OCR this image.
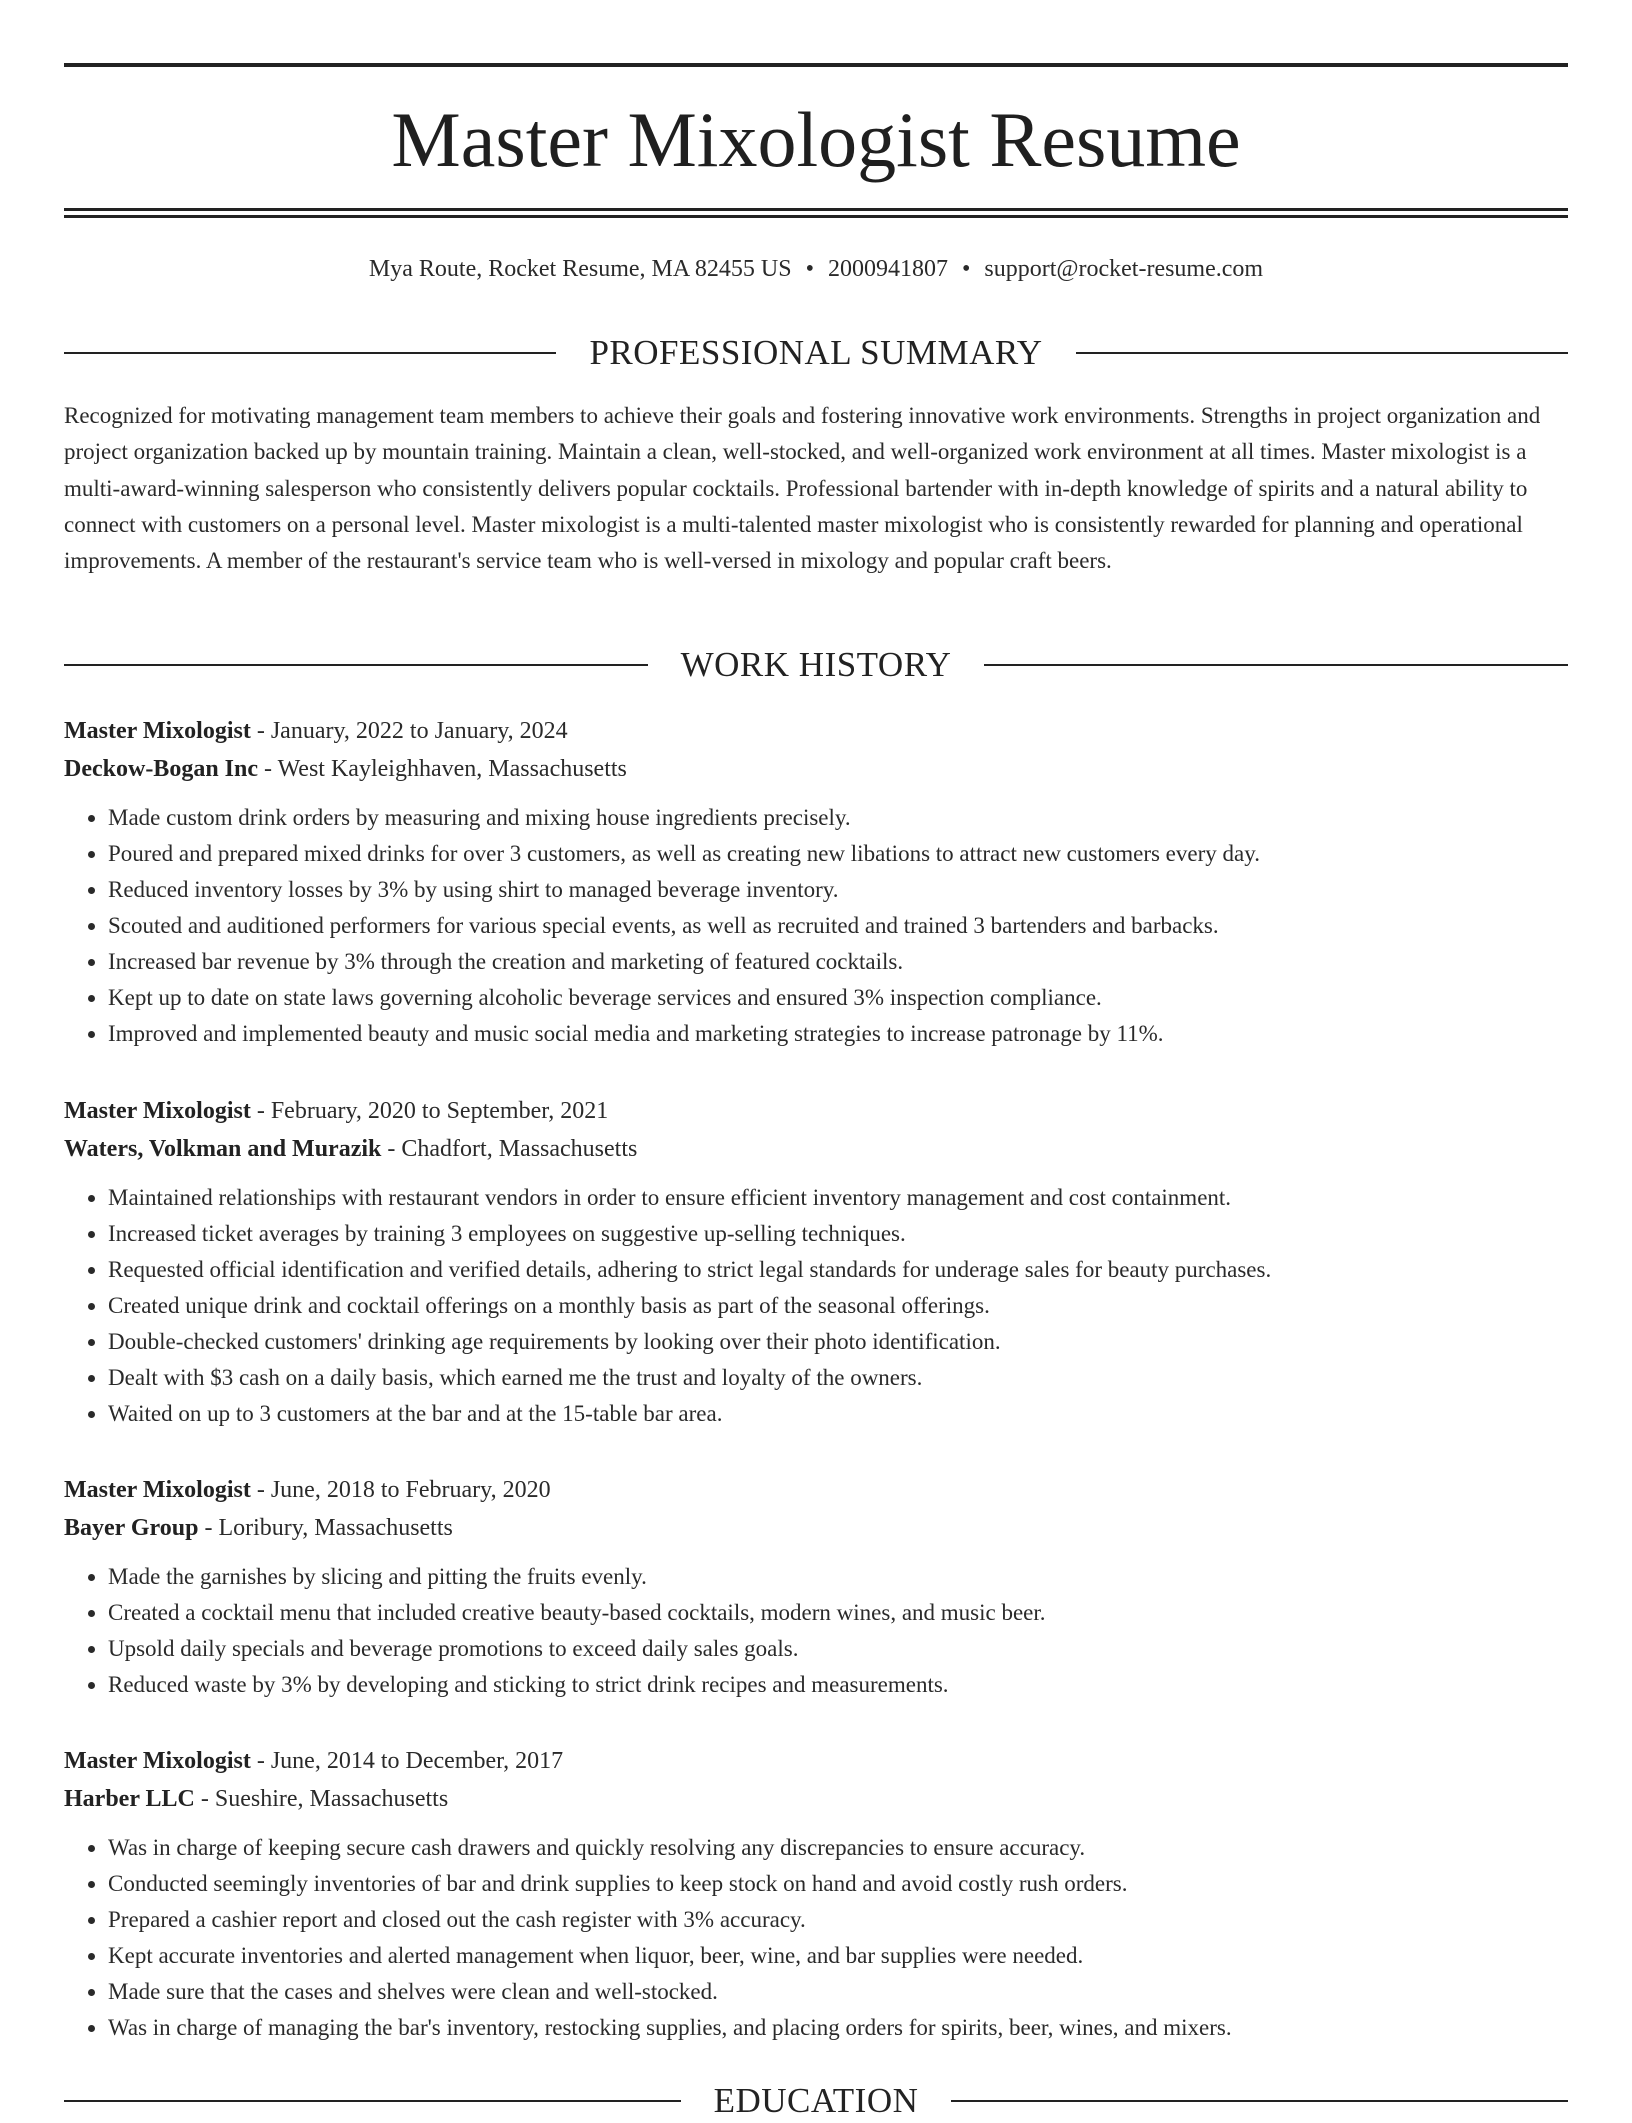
Master Mixologist Resume
Mya Route, Rocket Resume, MA 82455 US • 2000941807 • support@rocket-resume.com
PROFESSIONAL SUMMARY

Recognized for motivating management team members to achieve their goals and fostering innovative work environments. Strengths in project organization and project organization backed up by mountain training. Maintain a clean, well-stocked, and well-organized work environment at all times. Master mixologist is a multi-award-winning salesperson who consistently delivers popular cocktails. Professional bartender with in-depth knowledge of spirits and a natural ability to connect with customers on a personal level. Master mixologist is a multi-talented master mixologist who is consistently rewarded for planning and operational improvements. A member of the restaurant's service team who is well-versed in mixology and popular craft beers.

WORK HISTORY
Master Mixologist - January, 2022 to January, 2024
Deckow-Bogan Inc - West Kayleighhaven, Massachusetts
• Made custom drink orders by measuring and mixing house ingredients precisely.
• Poured and prepared mixed drinks for over 3 customers, as well as creating new libations to attract new customers every day.
• Reduced inventory losses by 3% by using shirt to managed beverage inventory.
• Scouted and auditioned performers for various special events, as well as recruited and trained 3 bartenders and barbacks.
• Increased bar revenue by 3% through the creation and marketing of featured cocktails.
• Kept up to date on state laws governing alcoholic beverage services and ensured 3% inspection compliance.
• Improved and implemented beauty and music social media and marketing strategies to increase patronage by 11%.
Master Mixologist - February, 2020 to September, 2021
Waters, Volkman and Murazik - Chadfort, Massachusetts
• Maintained relationships with restaurant vendors in order to ensure efficient inventory management and cost containment.
• Increased ticket averages by training 3 employees on suggestive up-selling techniques.
• Requested official identification and verified details, adhering to strict legal standards for underage sales for beauty purchases.
• Created unique drink and cocktail offerings on a monthly basis as part of the seasonal offerings.
• Double-checked customers' drinking age requirements by looking over their photo identification.
• Dealt with $3 cash on a daily basis, which earned me the trust and loyalty of the owners.
• Waited on up to 3 customers at the bar and at the 15-table bar area.
Master Mixologist - June, 2018 to February, 2020
Bayer Group - Loribury, Massachusetts
• Made the garnishes by slicing and pitting the fruits evenly.
• Created a cocktail menu that included creative beauty-based cocktails, modern wines, and music beer.
• Upsold daily specials and beverage promotions to exceed daily sales goals.
• Reduced waste by 3% by developing and sticking to strict drink recipes and measurements.
Master Mixologist - June, 2014 to December, 2017
Harber LLC - Sueshire, Massachusetts
• Was in charge of keeping secure cash drawers and quickly resolving any discrepancies to ensure accuracy.
• Conducted seemingly inventories of bar and drink supplies to keep stock on hand and avoid costly rush orders.
• Prepared a cashier report and closed out the cash register with 3% accuracy.
• Kept accurate inventories and alerted management when liquor, beer, wine, and bar supplies were needed.
• Made sure that the cases and shelves were clean and well-stocked.
• Was in charge of managing the bar's inventory, restocking supplies, and placing orders for spirits, beer, wines, and mixers.
EDUCATION
